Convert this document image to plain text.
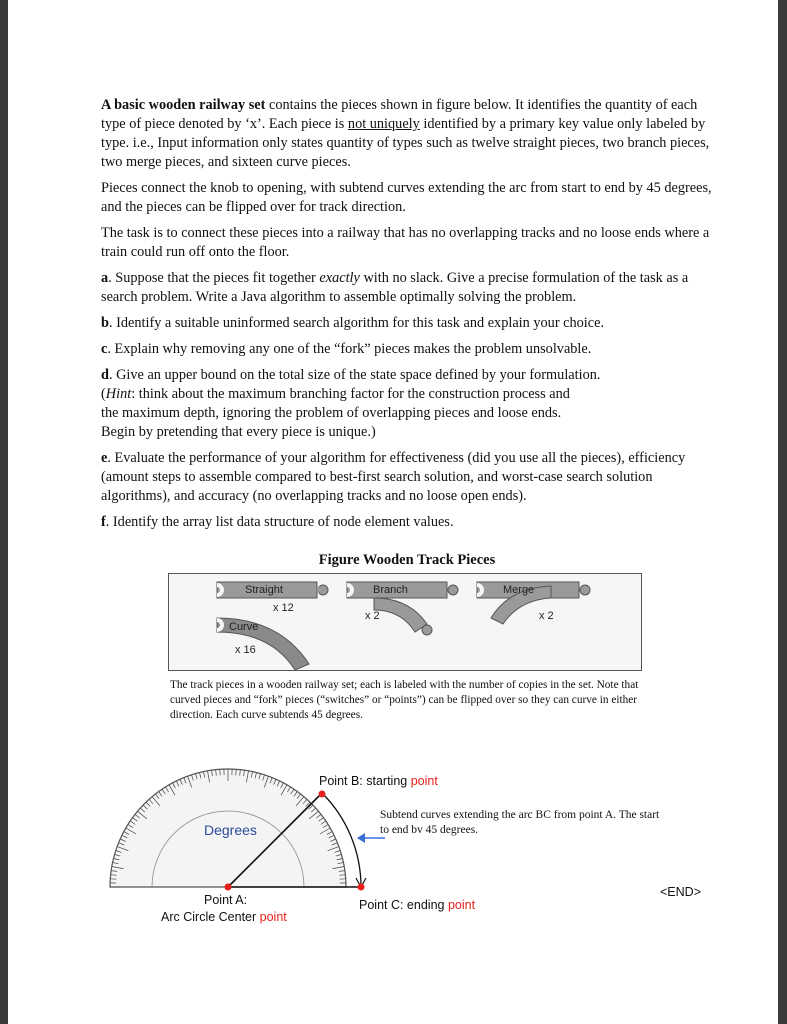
A basic wooden railway set contains the pieces shown in figure below. It identifies the quantity of each type of piece denoted by ‘x’. Each piece is not uniquely identified by a primary key value only labeled by type. i.e., Input information only states quantity of types such as twelve straight pieces, two branch pieces, two merge pieces, and sixteen curve pieces.

Pieces connect the knob to opening, with subtend curves extending the arc from start to end by 45 degrees, and the pieces can be flipped over for track direction.

The task is to connect these pieces into a railway that has no overlapping tracks and no loose ends where a train could run off onto the floor.

a. Suppose that the pieces fit together exactly with no slack. Give a precise formulation of the task as a search problem. Write a Java algorithm to assemble optimally solving the problem.

b. Identify a suitable uninformed search algorithm for this task and explain your choice.

c. Explain why removing any one of the “fork” pieces makes the problem unsolvable.

d. Give an upper bound on the total size of the state space defined by your formulation.
(Hint: think about the maximum branching factor for the construction process and
the maximum depth, ignoring the problem of overlapping pieces and loose ends.
Begin by pretending that every piece is unique.)

e. Evaluate the performance of your algorithm for effectiveness (did you use all the pieces), efficiency (amount steps to assemble compared to best-first search solution, and worst-case search solution algorithms), and accuracy (no overlapping tracks and no loose open ends).

f. Identify the array list data structure of node element values.

Figure Wooden Track Pieces

Straight
x 12
Branch
x 2
Merge
x 2
Curve
x 16
The track pieces in a wooden railway set; each is labeled with the number of copies in the set. Note that curved pieces and “fork” pieces (“switches” or “points”) can be flipped over so they can curve in either direction. Each curve subtends 45 degrees.
Degrees
Point B: starting point
Point A:
Arc Circle Center point
Point C: ending point
Subtend curves extending the arc BC from point A. The start to end bv 45 degrees.
<END>
